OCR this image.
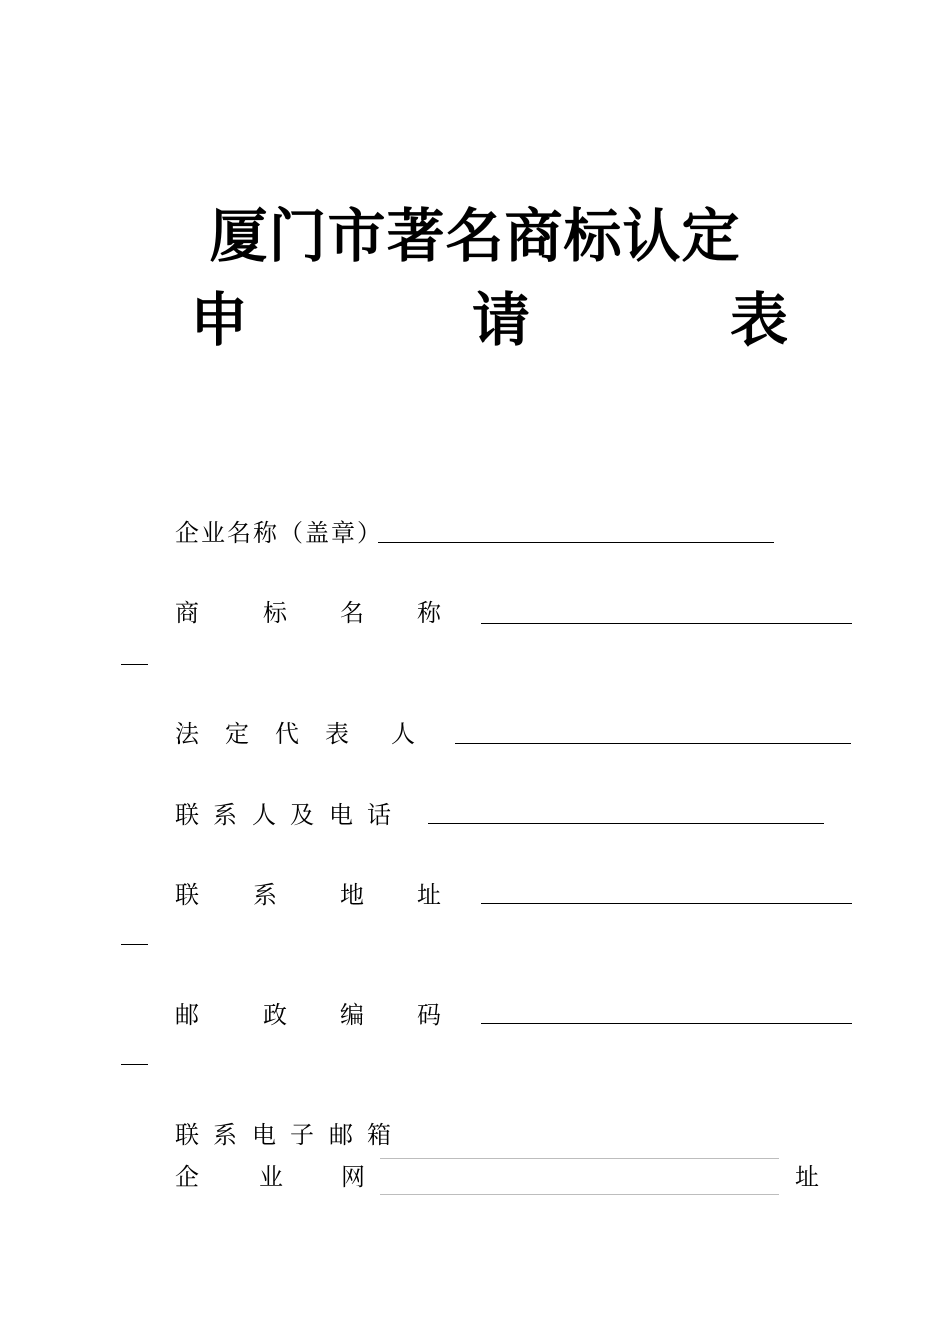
厦门市著名商标认定
申	请	表
企业名称（盖章）
商	标 名 称
法 定 代 表 人
联 系 人 及 电 话
联 系	地 址
邮	政 编 码
联 系 电 子 邮 箱
企	业 网	址
